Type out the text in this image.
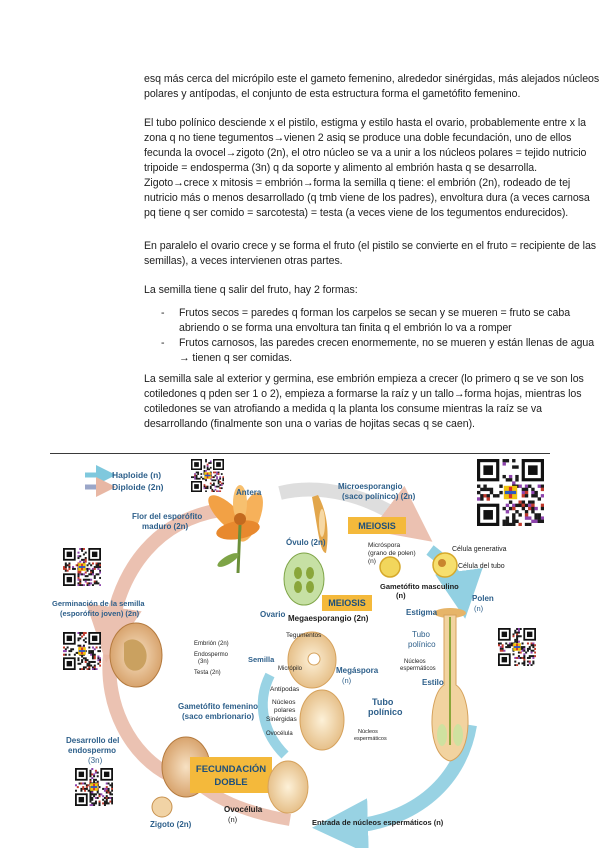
esq más cerca del micrópilo este el gameto femenino, alrededor sinérgidas, más alejados núcleos polares y antípodas, el conjunto de esta estructura forma el gametófito femenino.

El tubo polínico desciende x el pistilo, estigma y estilo hasta el ovario, probablemente entre x la zona q no tiene tegumentos→vienen 2 asiq se produce una doble fecundación, uno de ellos fecunda la ovocel→zigoto (2n), el otro núcleo se va a unir a los núcleos polares = tejido nutricio tripoide = endosperma (3n) q da soporte y alimento al embrión hasta q se desarrolla. Zigoto→crece x mitosis = embrión→forma la semilla q tiene: el embrión (2n), rodeado de tej nutricio más o menos desarrollado (q tmb viene de los padres), envoltura dura (a veces carnosa pq tiene q ser comido = sarcotesta) = testa (a veces viene de los tegumentos endurecidos).

En paralelo el ovario crece y se forma el fruto (el pistilo se convierte en el fruto = recipiente de las semillas), a veces intervienen otras partes.

La semilla tiene q salir del fruto, hay 2 formas:

- Frutos secos = paredes q forman los carpelos se secan y se mueren = fruto se caba abriendo o se forma una envoltura tan finita q el embrión lo va a romper
- Frutos carnosos, las paredes crecen enormemente, no se mueren y están llenas de agua → tienen q ser comidas.

La semilla sale al exterior y germina, ese embrión empieza a crecer (lo primero q se ve son los cotiledones q pden ser 1 o 2), empieza a formarse la raíz y un tallo→forma hojas, mientras los cotiledones se van atrofiando a medida q la planta los consume mientras la raíz se va desarrollando (finalmente son una o varias de hojitas secas q se caen).

Haploide (n)
Diploide (2n)
Antera
Flor del esporófito
maduro (2n)
Microesporangio
(saco polínico) (2n)
MEIOSIS
Micróspora
(grano de polen)
(n)
Gametófito masculino
(n)
Célula generativa
Célula del tubo
Polen
(n)
Estigma
Tubo
polínico
Núcleos
espermáticos
Estilo
Óvulo (2n)
Ovario
MEIOSIS
Megaesporangio (2n)
Tegumentos
Micrópilo	Megáspora
(n)
Germinación de la semilla
(esporófito joven) (2n)
Embrión (2n)
Endospermo
(3n)
Testa (2n)
Semilla
Gametófito femenino
(saco embrionario)
Antípodas
Núcleos
polares
Sinérgidas
Ovocélula
Tubo
polínico
Núcleos
espermáticos
Desarrollo del
endospermo
(3n)
FECUNDACIÓN
DOBLE
Zigoto (2n)
Ovocélula
(n)	Entrada de núcleos espermáticos (n)
